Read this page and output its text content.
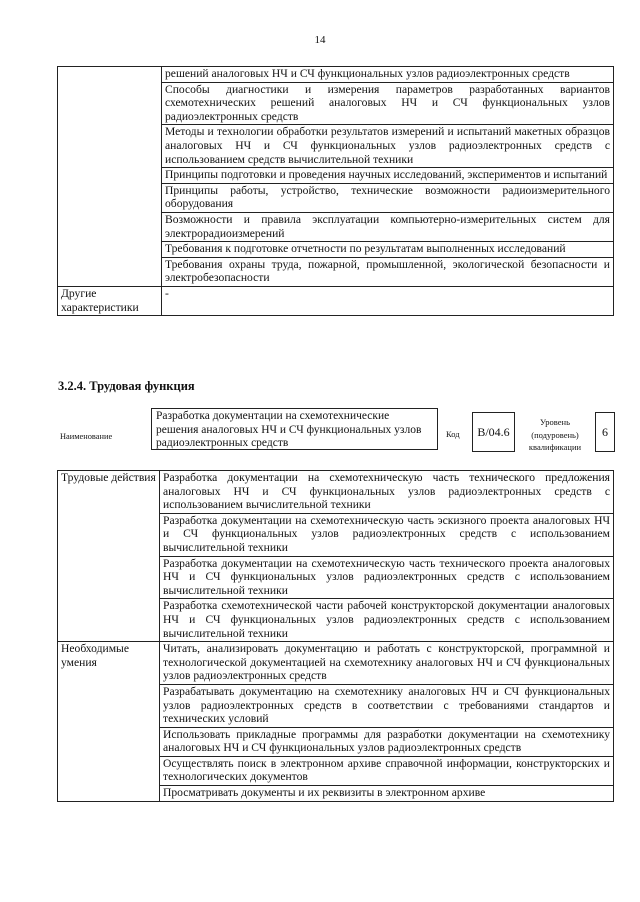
14
	решений аналоговых НЧ и СЧ функциональных узлов радиоэлектронных средств
	Способы диагностики и измерения параметров разработанных вариантов схемотехнических решений аналоговых НЧ и СЧ функциональных узлов радиоэлектронных средств
	Методы и технологии обработки результатов измерений и испытаний макетных образцов аналоговых НЧ и СЧ функциональных узлов радиоэлектронных средств с использованием средств вычислительной техники
	Принципы подготовки и проведения научных исследований, экспериментов и испытаний
	Принципы работы, устройство, технические возможности радиоизмерительного оборудования
	Возможности и правила эксплуатации компьютерно-измерительных систем для электрорадиоизмерений
	Требования к подготовке отчетности по результатам выполненных исследований
	Требования охраны труда, пожарной, промышленной, экологической безопасности и электробезопасности
Другие характеристики	-
3.2.4. Трудовая функция
Наименование
Разработка документации на схемотехнические решения аналоговых НЧ и СЧ функциональных узлов радиоэлектронных средств
Код	B/04.6
Уровень (подуровень) квалификации
6
Трудовые действия	Разработка документации на схемотехническую часть технического предложения аналоговых НЧ и СЧ функциональных узлов радиоэлектронных средств с использованием вычислительной техники
	Разработка документации на схемотехническую часть эскизного проекта аналоговых НЧ и СЧ функциональных узлов радиоэлектронных средств с использованием вычислительной техники
	Разработка документации на схемотехническую часть технического проекта аналоговых НЧ и СЧ функциональных узлов радиоэлектронных средств с использованием вычислительной техники
	Разработка схемотехнической части рабочей конструкторской документации аналоговых НЧ и СЧ функциональных узлов радиоэлектронных средств с использованием вычислительной техники
Необходимые умения	Читать, анализировать документацию и работать с конструкторской, программной и технологической документацией на схемотехнику аналоговых НЧ и СЧ функциональных узлов радиоэлектронных средств
	Разрабатывать документацию на схемотехнику аналоговых НЧ и СЧ функциональных узлов радиоэлектронных средств в соответствии с требованиями стандартов и технических условий
	Использовать прикладные программы для разработки документации на схемотехнику аналоговых НЧ и СЧ функциональных узлов радиоэлектронных средств
	Осуществлять поиск в электронном архиве справочной информации, конструкторских и технологических документов
	Просматривать документы и их реквизиты в электронном архиве
